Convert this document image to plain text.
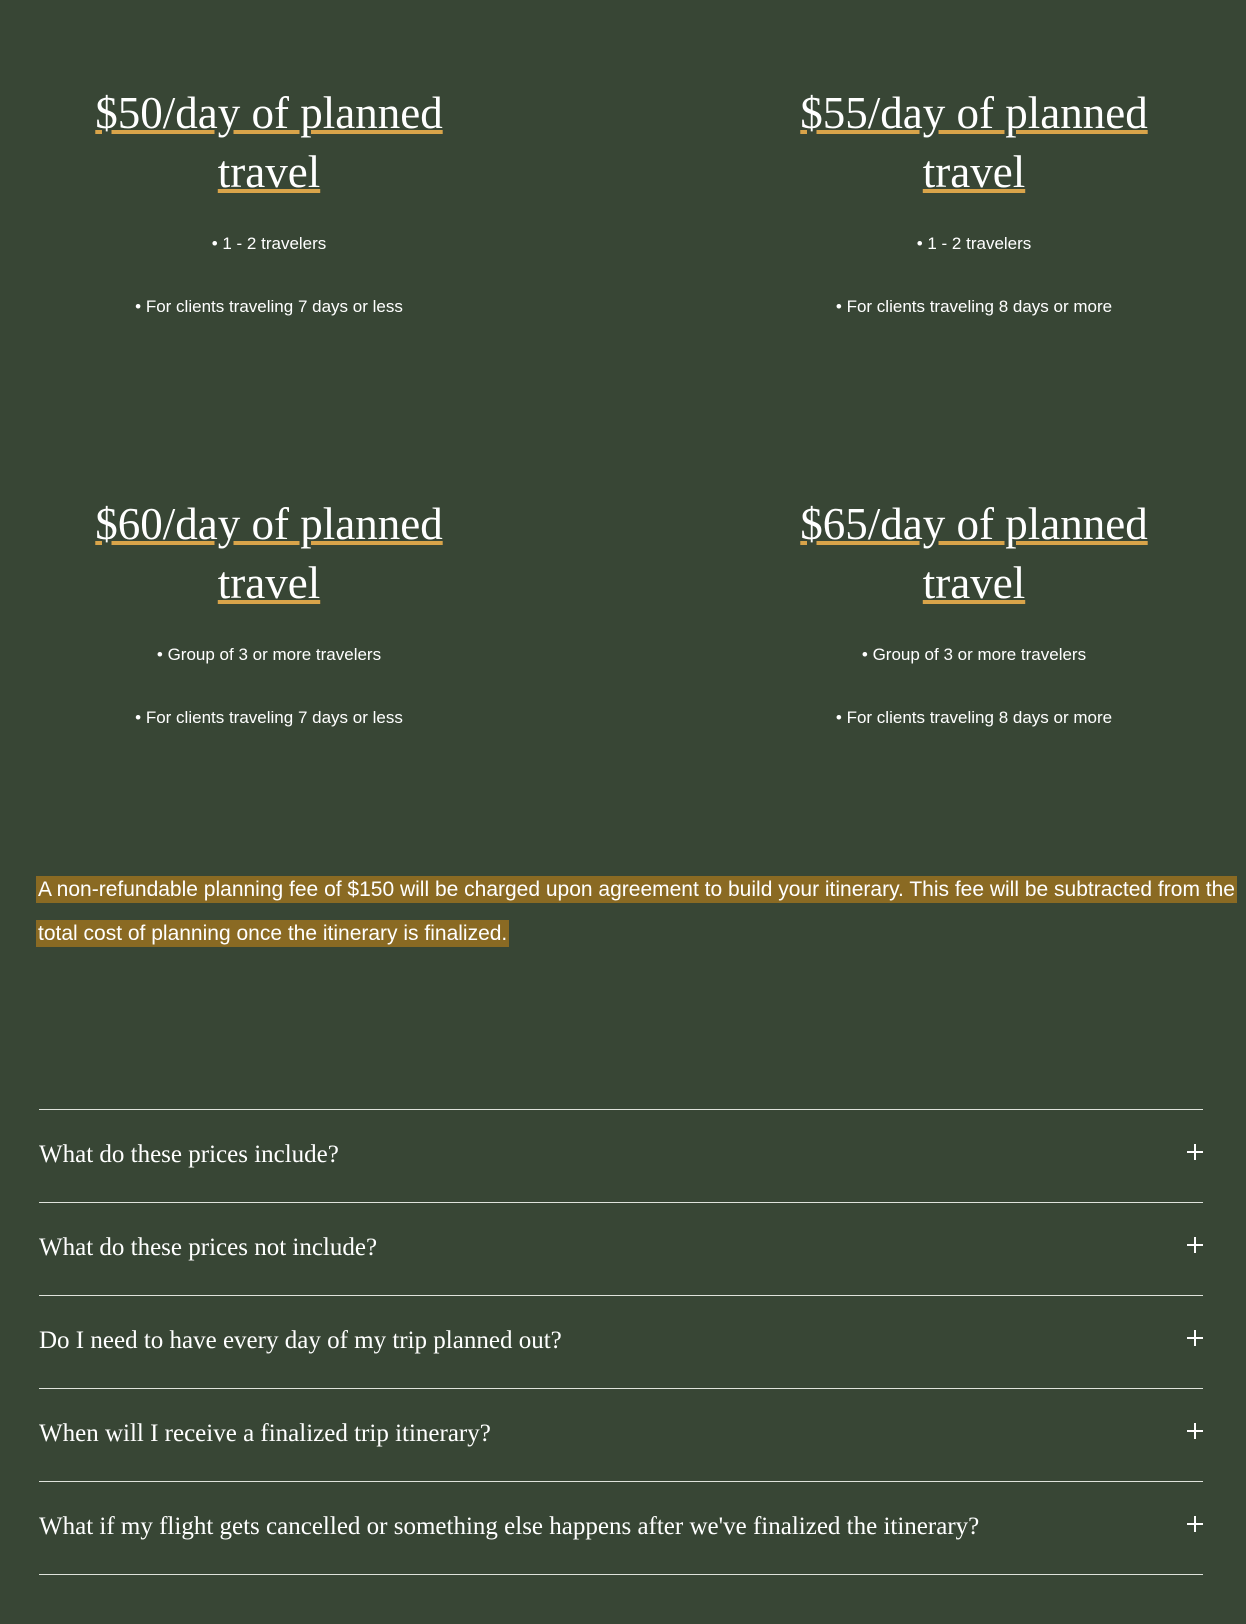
$50/day of planned
travel

• 1 - 2 travelers

• For clients traveling 7 days or less

$55/day of planned
travel

• 1 - 2 travelers

• For clients traveling 8 days or more

$60/day of planned
travel

• Group of 3 or more travelers

• For clients traveling 7 days or less

$65/day of planned
travel

• Group of 3 or more travelers

• For clients traveling 8 days or more

A non-refundable planning fee of $150 will be charged upon agreement to build your itinerary. This fee will be subtracted from the total cost of planning once the itinerary is finalized.

What do these prices include?
What do these prices not include?
Do I need to have every day of my trip planned out?
When will I receive a finalized trip itinerary?
What if my flight gets cancelled or something else happens after we've finalized the itinerary?
